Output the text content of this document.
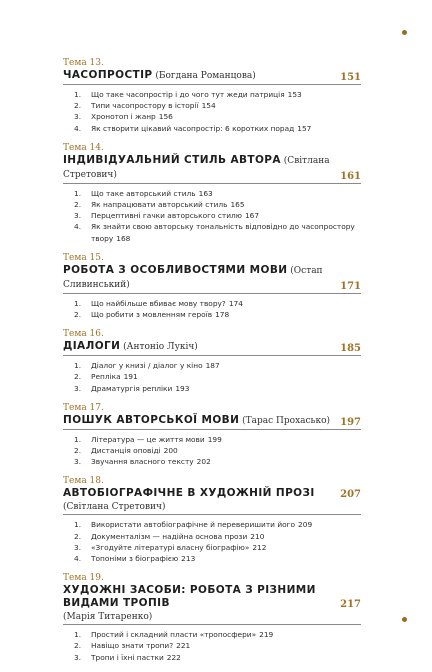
Тема 13.
ЧАСОПРОСТІР (Богдана Романцова)	151
1.	Що таке часопростір і до чого тут жеди патриція 153
2.	Типи часопростору в історії 154
3.	Хронотоп і жанр 156
4.	Як створити цікавий часопростір: 6 коротких порад 157
Тема 14.
ІНДИВІДУАЛЬНИЙ СТИЛЬ АВТОРА (Світлана Стретович)	161
1.	Що таке авторський стиль 163
2.	Як напрацювати авторський стиль 165
3.	Перцептивні гачки авторського стилю 167
4.	Як знайти свою авторську тональність відповідно до часопростору твору 168
Тема 15.
РОБОТА З ОСОБЛИВОСТЯМИ МОВИ (Остап Сливинський)	171
1.	Що найбільше вбиває мову твору? 174
2.	Що робити з мовленням героїв 178
Тема 16.
ДІАЛОГИ (Антоніо Лукіч)	185
1.	Діалог у книзі / діалог у кіно 187
2.	Репліка 191
3.	Драматургія репліки 193
Тема 17.
ПОШУК АВТОРСЬКОЇ МОВИ (Тарас Прохасько) 197
1.	Література — це життя мови 199
2.	Дистанція оповіді 200
3.	Звучання власного тексту 202
Тема 18.
АВТОБІОГРАФІЧНЕ В ХУДОЖНІЙ ПРОЗІ	207
(Світлана Стретович)
1.	Використати автобіографічне й переверишити його 209
2.	Документалізм — надійна основа прози 210
3.	«Згодуйте літературі власну біографію» 212
4.	Топоніми з біографією 213
Тема 19.
ХУДОЖНІ ЗАСОБИ: РОБОТА З РІЗНИМИ ВИДАМИ ТРОПІВ	217
(Марія Титаренко)
1.	Простий і складний пласти «тропосфери» 219
2.	Навіщо знати тропи? 221
3.	Тропи і їхні пастки 222
